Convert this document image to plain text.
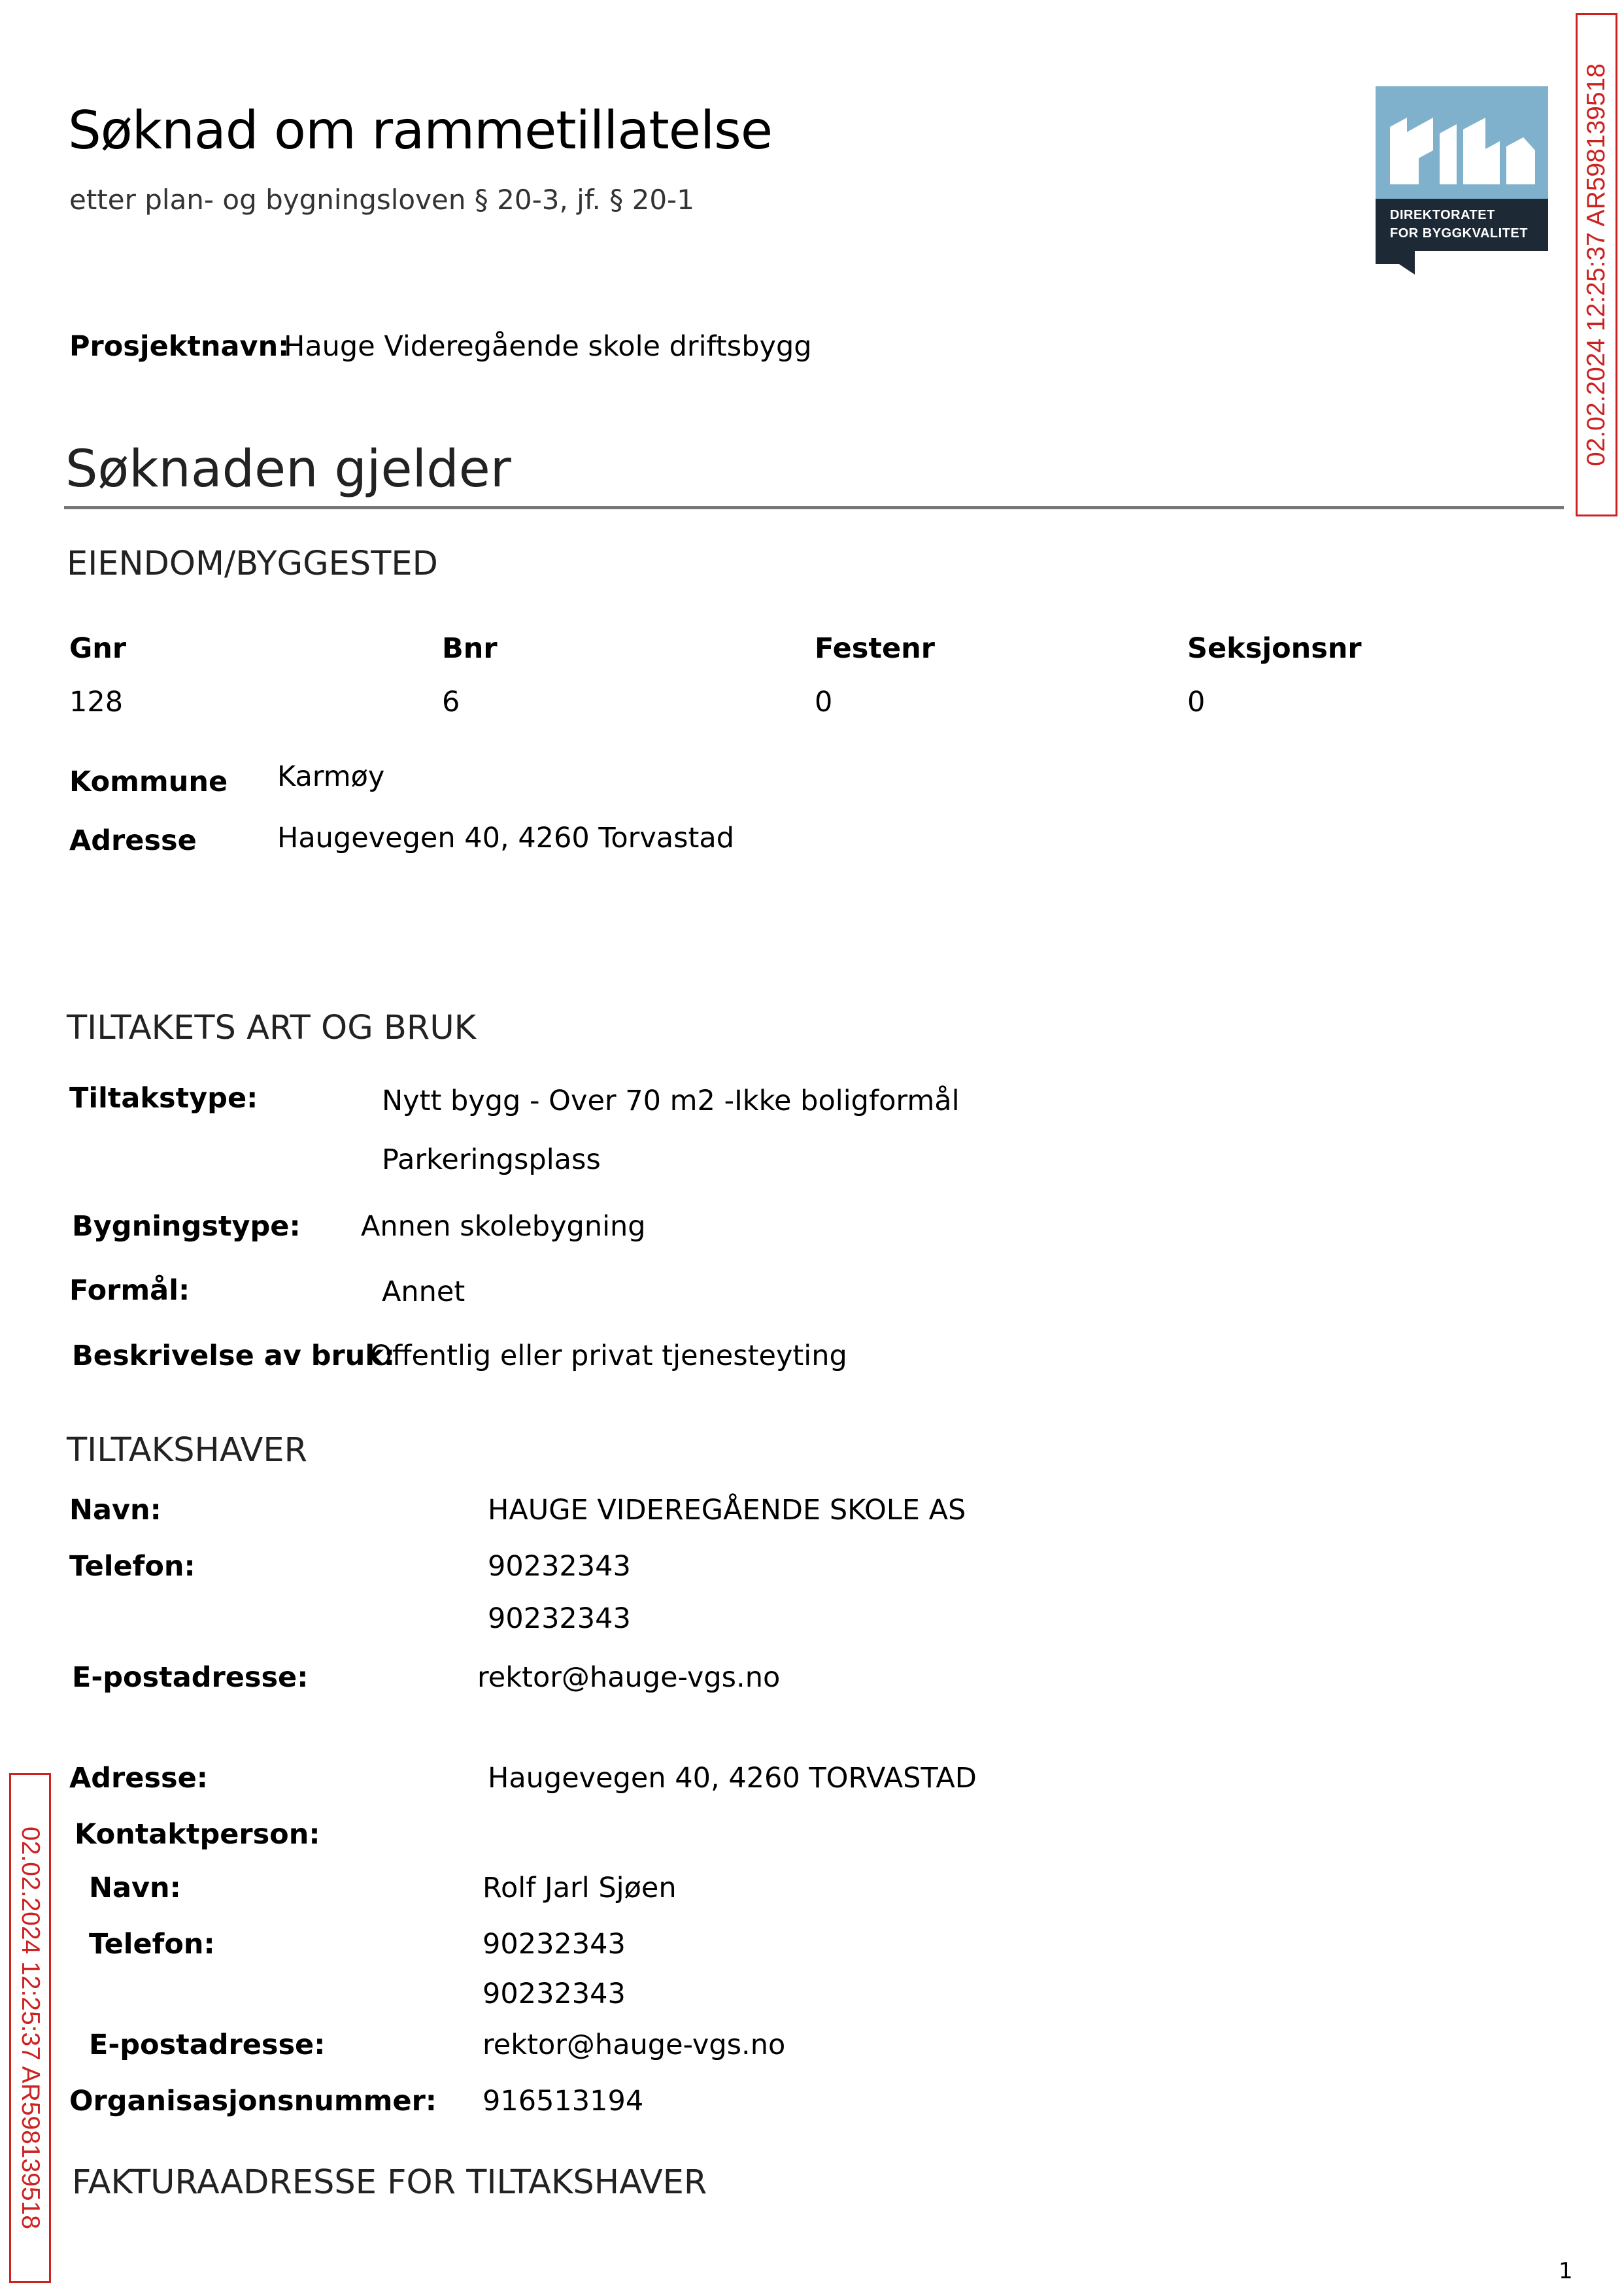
Søknad om rammetillatelse
etter plan- og bygningsloven § 20-3, jf. § 20-1	DIREKTORATET
FOR BYGGKVALITET 02.02.2024 12:25:37 AR598139518
02.02.2024 12:25:37 AR598139518
Prosjektnavn:
Hauge Videregående skole driftsbygg
Søknaden gjelder
EIENDOM/BYGGESTED
Gnr
128
Bnr
6
Festenr
0
Seksjonsnr
0
Kommune Karmøy
Adresse	Haugevegen 40, 4260 Torvastad
TILTAKETS ART OG BRUK
Tiltakstype:	Nytt bygg - Over 70 m2 -Ikke boligformål
Parkeringsplass
Bygningstype: Annen skolebygning
Formål:	Annet
Beskrivelse av bruk:
Offentlig eller privat tjenesteyting
TILTAKSHAVER
Navn:	HAUGE VIDEREGÅENDE SKOLE AS
Telefon:	90232343
90232343
E-postadresse:	rektor@hauge-vgs.no
Adresse:	Haugevegen 40, 4260 TORVASTAD
Kontaktperson:
Navn:	Rolf Jarl Sjøen
Telefon:	90232343
90232343
E-postadresse:	rektor@hauge-vgs.no
Organisasjonsnummer: 916513194
FAKTURAADRESSE FOR TILTAKSHAVER
1
